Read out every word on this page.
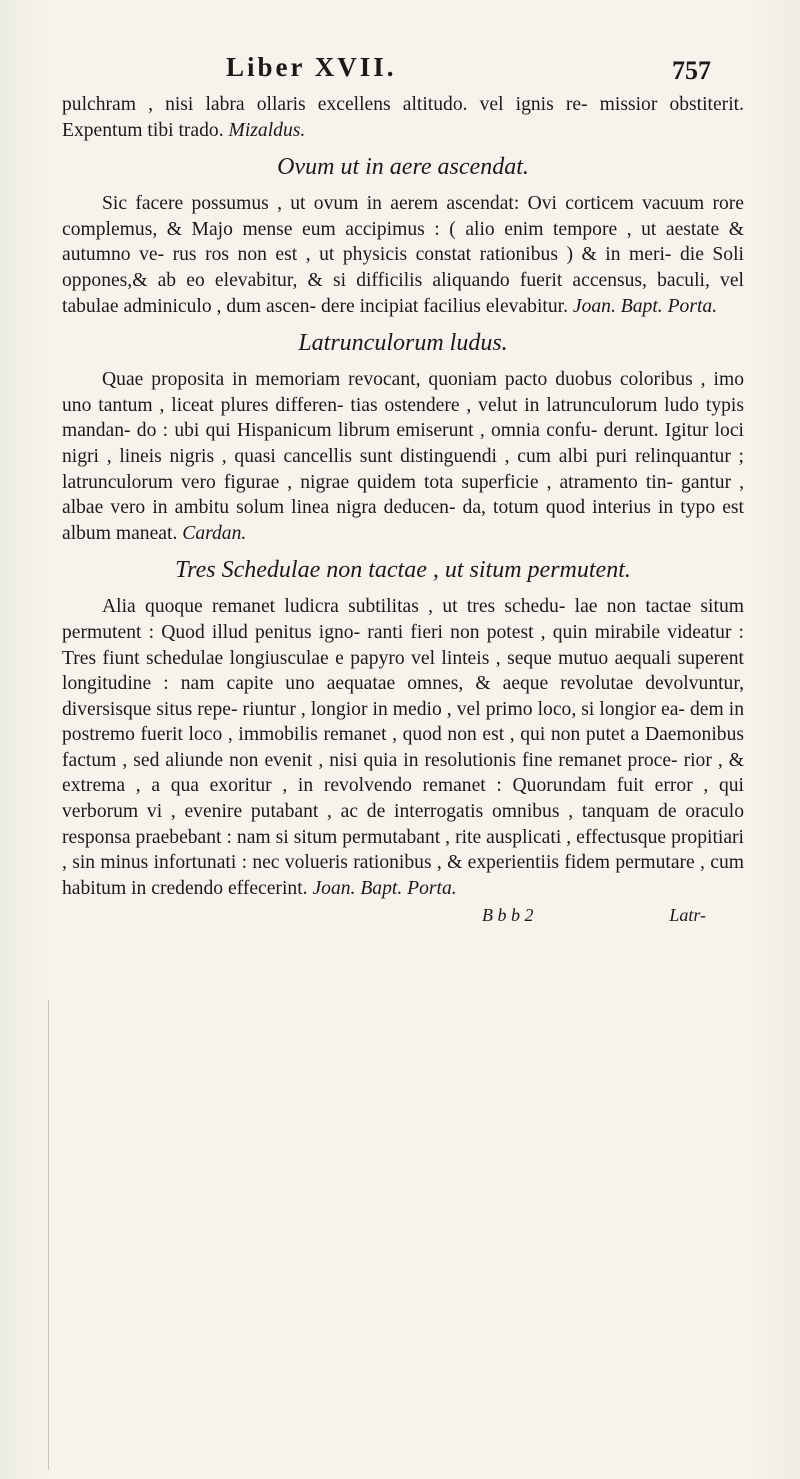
Liber XVII.	757

pulchram , nisi labra ollaris excellens altitudo. vel ignis re- missior obstiterit. Expentum tibi trado. Mizaldus.

Ovum ut in aere ascendat.

Sic facere possumus , ut ovum in aerem ascendat: Ovi corticem vacuum rore complemus, & Majo mense eum accipimus : ( alio enim tempore , ut aestate & autumno ve- rus ros non est , ut physicis constat rationibus ) & in meri- die Soli oppones,& ab eo elevabitur, & si difficilis aliquando fuerit accensus, baculi, vel tabulae adminiculo , dum ascen- dere incipiat facilius elevabitur. Joan. Bapt. Porta.

Latrunculorum ludus.

Quae proposita in memoriam revocant, quoniam pacto duobus coloribus , imo uno tantum , liceat plures differen- tias ostendere , velut in latrunculorum ludo typis mandan- do : ubi qui Hispanicum librum emiserunt , omnia confu- derunt. Igitur loci nigri , lineis nigris , quasi cancellis sunt distinguendi , cum albi puri relinquantur ; latrunculorum vero figurae , nigrae quidem tota superficie , atramento tin- gantur , albae vero in ambitu solum linea nigra deducen- da, totum quod interius in typo est album maneat. Cardan.

Tres Schedulae non tactae , ut situm permutent.

Alia quoque remanet ludicra subtilitas , ut tres schedu- lae non tactae situm permutent : Quod illud penitus igno- ranti fieri non potest , quin mirabile videatur : Tres fiunt schedulae longiusculae e papyro vel linteis , seque mutuo aequali superent longitudine : nam capite uno aequatae omnes, & aeque revolutae devolvuntur, diversisque situs repe- riuntur , longior in medio , vel primo loco, si longior ea- dem in postremo fuerit loco , immobilis remanet , quod non est , qui non putet a Daemonibus factum , sed aliunde non evenit , nisi quia in resolutionis fine remanet proce- rior , & extrema , a qua exoritur , in revolvendo remanet : Quorundam fuit error , qui verborum vi , evenire putabant , ac de interrogatis omnibus , tanquam de oraculo responsa praebebant : nam si situm permutabant , rite ausplicati , effectusque propitiari , sin minus infortunati : nec volueris rationibus , & experientiis fidem permutare , cum habitum in credendo effecerint. Joan. Bapt. Porta.

B b b 2	Latr-
